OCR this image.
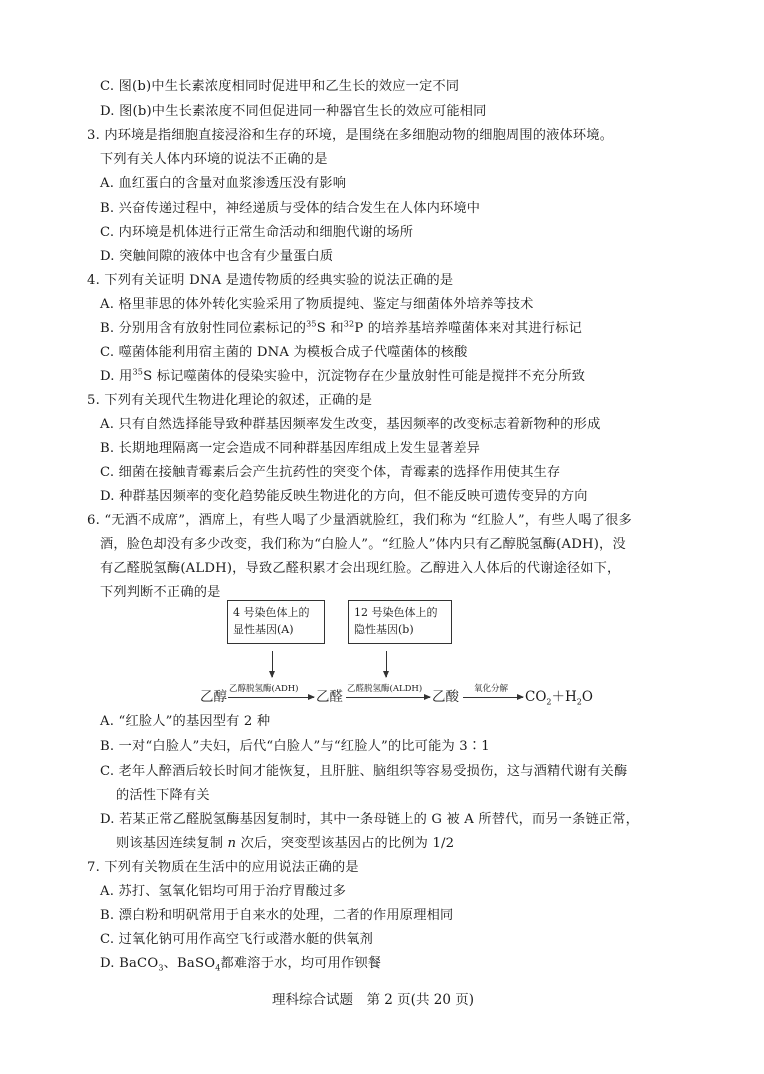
C. 图(b)中生长素浓度相同时促进甲和乙生长的效应一定不同
D. 图(b)中生长素浓度不同但促进同一种器官生长的效应可能相同
3. 内环境是指细胞直接浸浴和生存的环境，是围绕在多细胞动物的细胞周围的液体环境。
下列有关人体内环境的说法不正确的是
A. 血红蛋白的含量对血浆渗透压没有影响
B. 兴奋传递过程中，神经递质与受体的结合发生在人体内环境中
C. 内环境是机体进行正常生命活动和细胞代谢的场所
D. 突触间隙的液体中也含有少量蛋白质
4. 下列有关证明 DNA 是遗传物质的经典实验的说法正确的是
A. 格里菲思的体外转化实验采用了物质提纯、鉴定与细菌体外培养等技术
B. 分别用含有放射性同位素标记的$^{35}$S 和$^{32}$P 的培养基培养噬菌体来对其进行标记
C. 噬菌体能利用宿主菌的 DNA 为模板合成子代噬菌体的核酸
D. 用$^{35}$S 标记噬菌体的侵染实验中，沉淀物存在少量放射性可能是搅拌不充分所致
5. 下列有关现代生物进化理论的叙述，正确的是
A. 只有自然选择能导致种群基因频率发生改变，基因频率的改变标志着新物种的形成
B. 长期地理隔离一定会造成不同种群基因库组成上发生显著差异
C. 细菌在接触青霉素后会产生抗药性的突变个体，青霉素的选择作用使其生存
D. 种群基因频率的变化趋势能反映生物进化的方向，但不能反映可遗传变异的方向
6. “无酒不成席”，酒席上，有些人喝了少量酒就脸红，我们称为 “红脸人”，有些人喝了很多
酒，脸色却没有多少改变，我们称为“白脸人”。“红脸人”体内只有乙醇脱氢酶(ADH)，没
有乙醛脱氢酶(ALDH)，导致乙醛积累才会出现红脸。乙醇进入人体后的代谢途径如下，
下列判断不正确的是
4 号染色体上的
显性基因(A)
12 号染色体上的
隐性基因(b)
乙醇 乙醇脱氢酶(ADH) 乙醛 乙醛脱氢酶(ALDH) 乙酸 氧化分解 $CO_2+H_2O$
A. “红脸人”的基因型有 2 种
B. 一对“白脸人”夫妇，后代“白脸人”与“红脸人”的比可能为 3∶1
C. 老年人醉酒后较长时间才能恢复，且肝脏、脑组织等容易受损伤，这与酒精代谢有关酶
的活性下降有关
D. 若某正常乙醛脱氢酶基因复制时，其中一条母链上的 G 被 A 所替代，而另一条链正常，
则该基因连续复制 n 次后，突变型该基因占的比例为 1/2
7. 下列有关物质在生活中的应用说法正确的是
A. 苏打、氢氧化铝均可用于治疗胃酸过多
B. 漂白粉和明矾常用于自来水的处理，二者的作用原理相同
C. 过氧化钠可用作高空飞行或潜水艇的供氧剂
D. BaCO$_3$、BaSO$_4$都难溶于水，均可用作钡餐
理科综合试题　第 2 页(共 20 页)
